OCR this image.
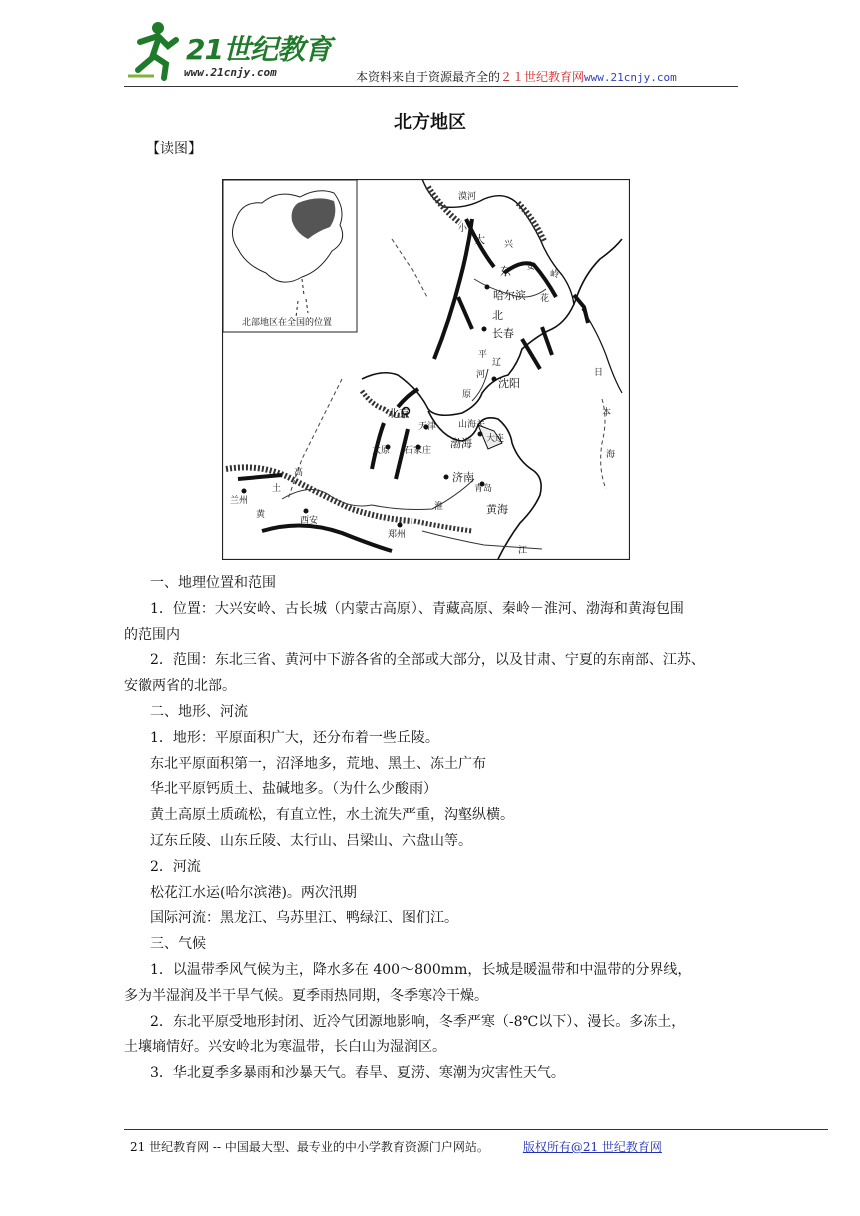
21世纪教育
www.21cnjy.com	本资料来自于资源最齐全的２１世纪教育网www.21cnjy.com
北方地区
【读图】
北部地区在全国的位置
漠河
大
小
兴
东 安
岭
哈尔滨 花
北
长春
平
辽
沈阳
原
河
北京
天津 山海关
渤海 大连
太原 石家庄
济南
青岛
黄海
日
本
海
兰州
西安
郑州
黄
高
土
江
淮

一、地理位置和范围

1．位置：大兴安岭、古长城（内蒙古高原）、青藏高原、秦岭－淮河、渤海和黄海包围

的范围内

2．范围：东北三省、黄河中下游各省的全部或大部分，以及甘肃、宁夏的东南部、江苏、

安徽两省的北部。

二、地形、河流

1．地形：平原面积广大，还分布着一些丘陵。

东北平原面积第一，沼泽地多，荒地、黑土、冻土广布

华北平原钙质土、盐碱地多。（为什么少酸雨）

黄土高原土质疏松，有直立性，水土流失严重，沟壑纵横。

辽东丘陵、山东丘陵、太行山、吕梁山、六盘山等。

2．河流

松花江水运(哈尔滨港)。两次汛期

国际河流：黑龙江、乌苏里江、鸭绿江、图们江。

三、气候

1．以温带季风气候为主，降水多在 400～800mm，长城是暖温带和中温带的分界线，

多为半湿润及半干旱气候。夏季雨热同期，冬季寒冷干燥。

2．东北平原受地形封闭、近冷气团源地影响，冬季严寒（-8℃以下）、漫长。多冻土，

土壤墒情好。兴安岭北为寒温带，长白山为湿润区。

3．华北夏季多暴雨和沙暴天气。春旱、夏涝、寒潮为灾害性天气。

21 世纪教育网 -- 中国最大型、最专业的中小学教育资源门户网站。	版权所有@21 世纪教育网
